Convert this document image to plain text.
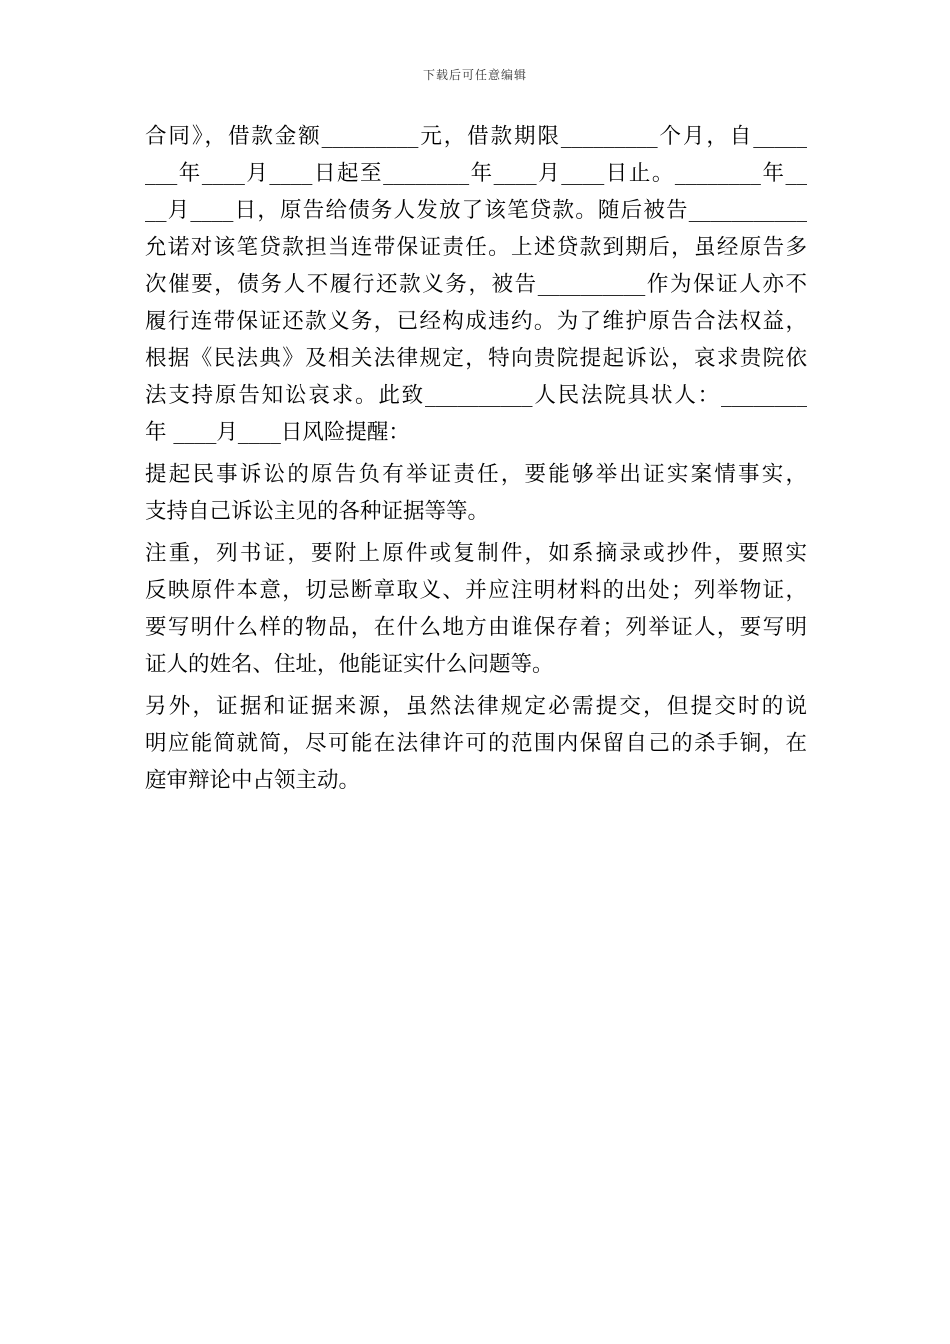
下载后可任意编辑
合同》，借款金额_________元，借款期限_________个月，自_____
___年____月____日起至________年____月____日止。________年__
__月____日，原告给债务人发放了该笔贷款。随后被告___________
允诺对该笔贷款担当连带保证责任。上述贷款到期后，虽经原告多
次催要，债务人不履行还款义务，被告__________作为保证人亦不
履行连带保证还款义务，已经构成违约。为了维护原告合法权益，
根据《民法典》及相关法律规定，特向贵院提起诉讼，哀求贵院依
法支持原告知讼哀求。此致__________人民法院具状人：________
年 ____月____日风险提醒：
提起民事诉讼的原告负有举证责任，要能够举出证实案情事实，
支持自己诉讼主见的各种证据等等。
注重，列书证，要附上原件或复制件，如系摘录或抄件，要照实
反映原件本意，切忌断章取义、并应注明材料的出处；列举物证，
要写明什么样的物品，在什么地方由谁保存着；列举证人，要写明
证人的姓名、住址，他能证实什么问题等。
另外，证据和证据来源，虽然法律规定必需提交，但提交时的说
明应能简就简，尽可能在法律许可的范围内保留自己的杀手锏，在
庭审辩论中占领主动。
